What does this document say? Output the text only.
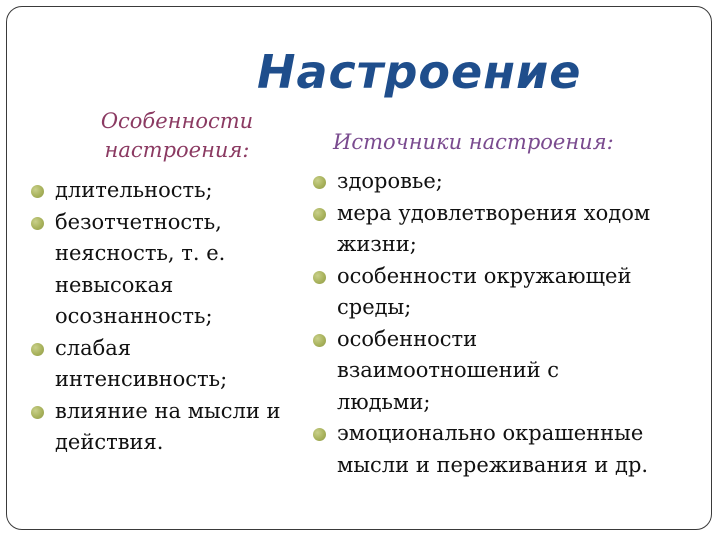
Настроение
Особенности настроения:	Источники настроения:
длительность;
безотчетность, неясность, т. е. невысокая осознанность;
слабая интенсивность;
влияние на мысли и действия.
здоровье;
мера удовлетворения ходом жизни;
особенности окружающей среды;
особенности взаимоотношений с людьми;
эмоционально окрашенные мысли и переживания и др.
